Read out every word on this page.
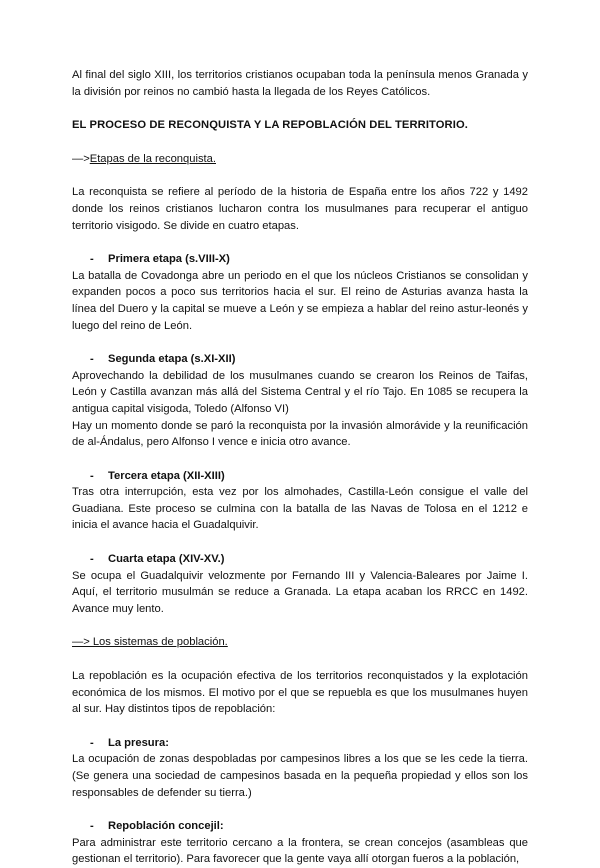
Al final del siglo XIII, los territorios cristianos ocupaban toda la península menos Granada y la división por reinos no cambió hasta la llegada de los Reyes Católicos.

EL PROCESO DE RECONQUISTA Y LA REPOBLACIÓN DEL TERRITORIO.

—>Etapas de la reconquista.

La reconquista se refiere al período de la historia de España entre los años 722 y 1492 donde los reinos cristianos lucharon contra los musulmanes para recuperar el antiguo territorio visigodo. Se divide en cuatro etapas.

-	Primera etapa (s.VIII-X)

La batalla de Covadonga abre un periodo en el que los núcleos Cristianos se consolidan y expanden pocos a poco sus territorios hacia el sur. El reino de Asturias avanza hasta la línea del Duero y la capital se mueve a León y se empieza a hablar del reino astur-leonés y luego del reino de León.

-	Segunda etapa (s.XI-XII)

Aprovechando la debilidad de los musulmanes cuando se crearon los Reinos de Taifas, León y Castilla avanzan más allá del Sistema Central y el río Tajo. En 1085 se recupera la antigua capital visigoda, Toledo (Alfonso VI)

Hay un momento donde se paró la reconquista por la invasión almorávide y la reunificación de al-Ándalus, pero Alfonso I vence e inicia otro avance.

-	Tercera etapa (XII-XIII)

Tras otra interrupción, esta vez por los almohades, Castilla-León consigue el valle del Guadiana. Este proceso se culmina con la batalla de las Navas de Tolosa en el 1212 e inicia el avance hacia el Guadalquivir.

-	Cuarta etapa (XIV-XV.)

Se ocupa el Guadalquivir velozmente por Fernando III y Valencia-Baleares por Jaime I. Aquí, el territorio musulmán se reduce a Granada. La etapa acaban los RRCC en 1492. Avance muy lento.

—> Los sistemas de población.

La repoblación es la ocupación efectiva de los territorios reconquistados y la explotación económica de los mismos. El motivo por el que se repuebla es que los musulmanes huyen al sur. Hay distintos tipos de repoblación:

-	La presura:

La ocupación de zonas despobladas por campesinos libres a los que se les cede la tierra. (Se genera una sociedad de campesinos basada en la pequeña propiedad y ellos son los responsables de defender su tierra.)

-	Repoblación concejil:

Para administrar este territorio cercano a la frontera, se crean concejos (asambleas que gestionan el territorio). Para favorecer que la gente vaya allí otorgan fueros a la población,
